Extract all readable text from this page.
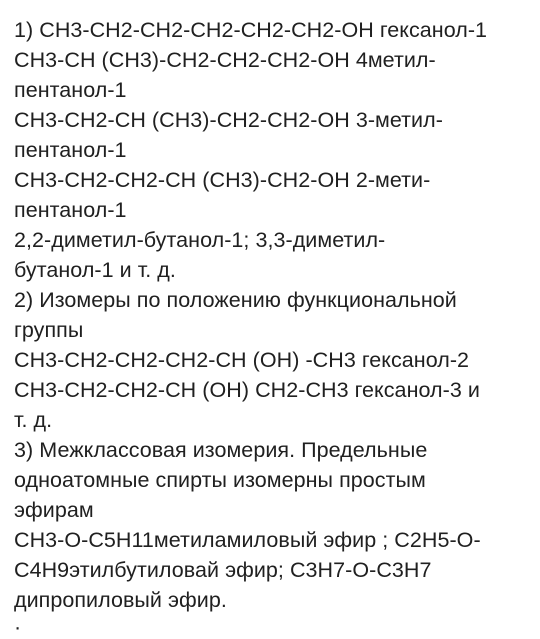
1) СН3-СН2-СН2-СН2-СН2-СН2-ОН гексанол-1
СН3-СН (СН3)-СН2-СН2-СН2-ОН 4метил-
пентанол-1
СН3-СН2-СН (СН3)-СН2-СН2-ОН 3-метил-
пентанол-1
СН3-СН2-СН2-СН (СН3)-СН2-ОН 2-мети-
пентанол-1
2,2-диметил-бутанол-1; 3,3-диметил-
бутанол-1 и т. д.
2) Изомеры по положению функциональной
группы
СН3-СН2-СН2-СН2-СН (ОН) -СН3 гексанол-2
СН3-СН2-СН2-СН (ОН) СН2-СН3 гексанол-3 и
т. д.
3) Межклассовая изомерия. Предельные
одноатомные спирты изомерны простым
эфирам
СН3-О-С5Н11метиламиловый эфир ; С2Н5-О-
С4Н9этилбутиловай эфир; С3Н7-О-С3Н7
дипропиловый эфир.
·
